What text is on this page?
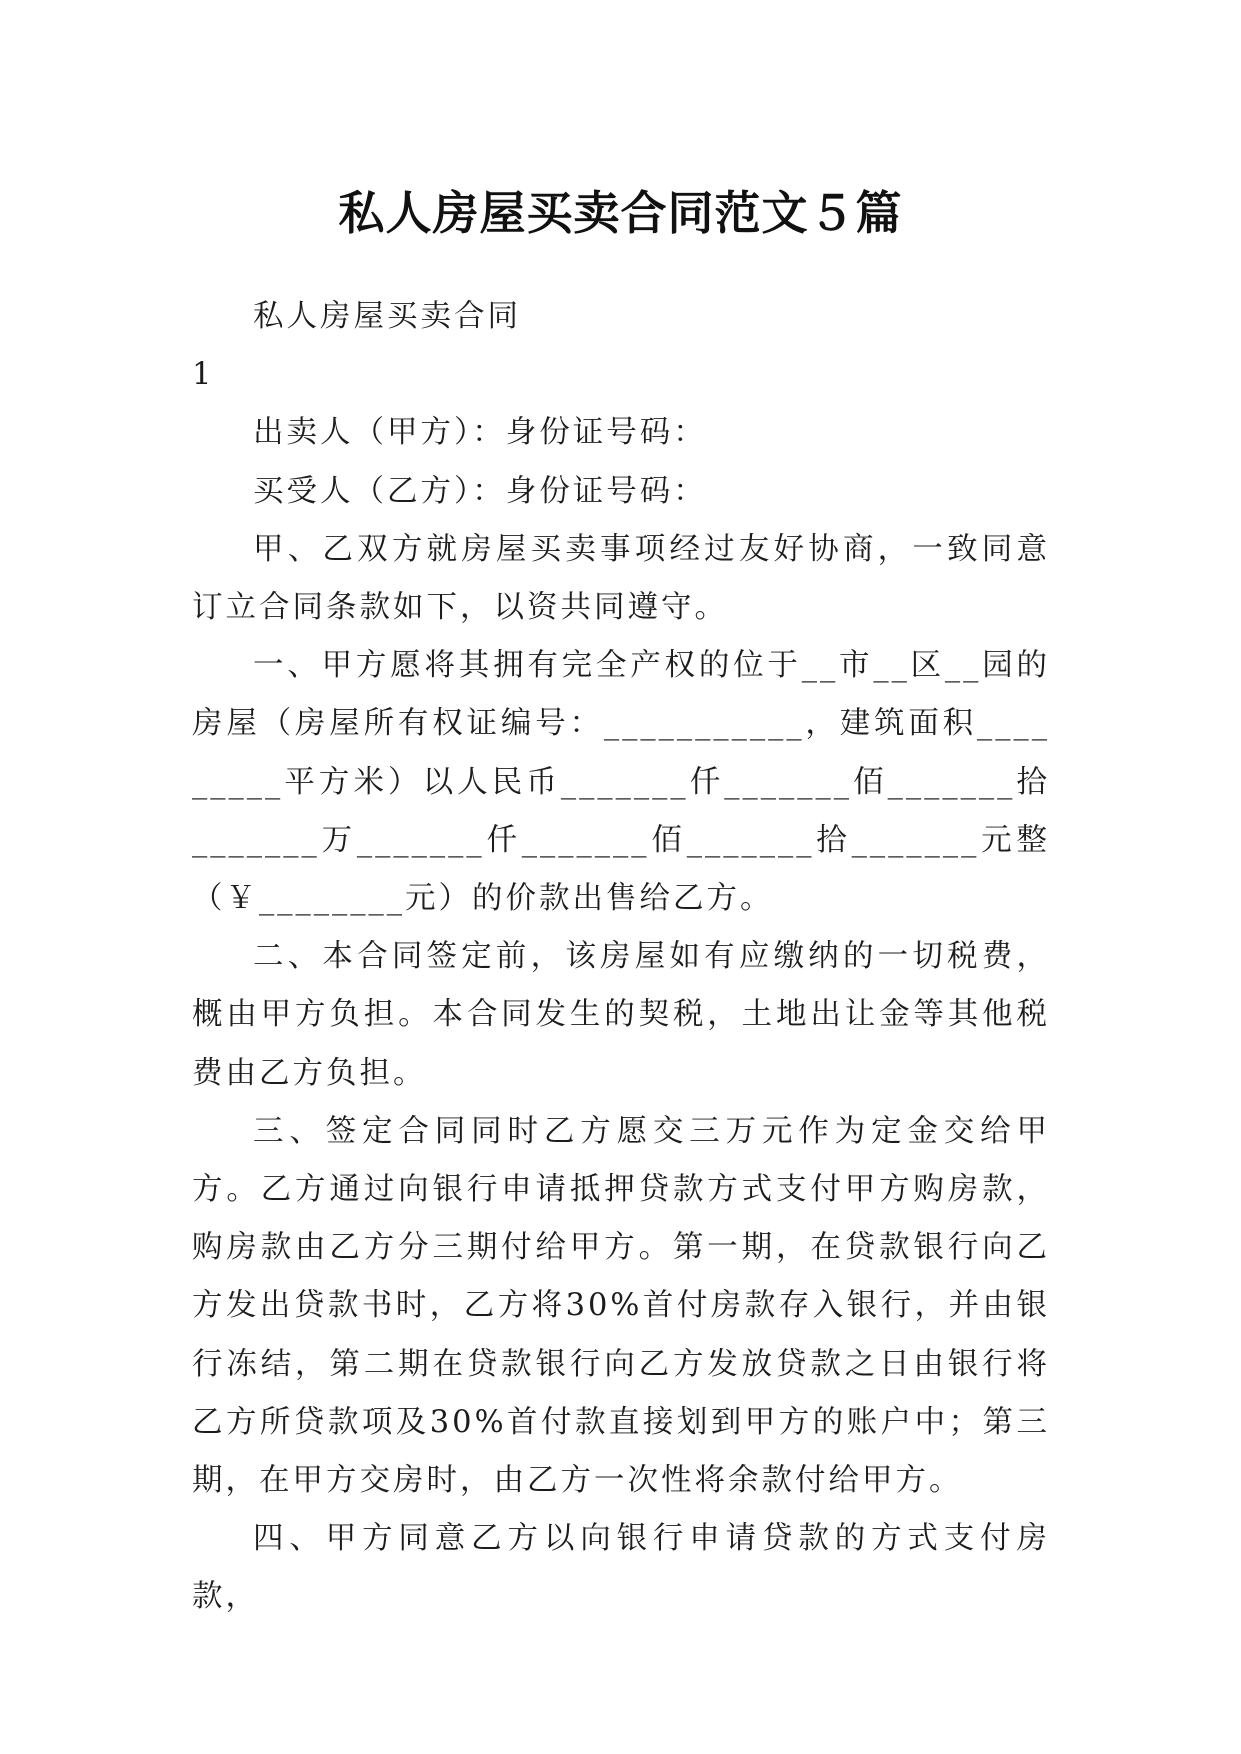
私人房屋买卖合同范文５篇

私人房屋买卖合同

1

出卖人（甲方）：身份证号码：

买受人（乙方）：身份证号码：

甲、乙双方就房屋买卖事项经过友好协商，一致同意订立合同条款如下，以资共同遵守。

一、甲方愿将其拥有完全产权的位于__市__区__园的房屋（房屋所有权证编号：___________，建筑面积_________平方米）以人民币_______仟_______佰_______拾_______万_______仟_______佰_______拾_______元整（￥________元）的价款出售给乙方。

二、本合同签定前，该房屋如有应缴纳的一切税费，概由甲方负担。本合同发生的契税，土地出让金等其他税费由乙方负担。

三、签定合同同时乙方愿交三万元作为定金交给甲方。乙方通过向银行申请抵押贷款方式支付甲方购房款，购房款由乙方分三期付给甲方。第一期，在贷款银行向乙方发出贷款书时，乙方将30%首付房款存入银行，并由银行冻结，第二期在贷款银行向乙方发放贷款之日由银行将乙方所贷款项及30%首付款直接划到甲方的账户中；第三期，在甲方交房时，由乙方一次性将余款付给甲方。

四、甲方同意乙方以向银行申请贷款的方式支付房款，
